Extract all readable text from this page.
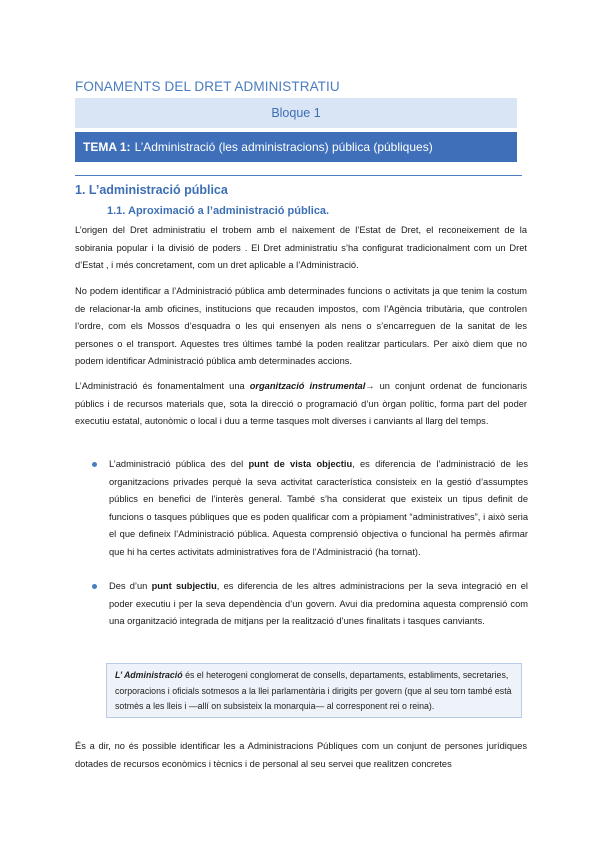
FONAMENTS DEL DRET ADMINISTRATIU
Bloque 1
TEMA 1: L’Administració (les administracions) pública (públiques)
1. L’administració pública
1.1. Aproximació a l’administració pública.

L’origen del Dret administratiu el trobem amb el naixement de l’Estat de Dret, el reconeixement de la sobirania popular i la divisió de poders . El Dret administratiu s’ha configurat tradicionalment com un Dret d’Estat , i més concretament, com un dret aplicable a l’Administració.

No podem identificar a l’Administració pública amb determinades funcions o activitats ja que tenim la costum de relacionar-la amb oficines, institucions que recauden impostos, com l’Agència tributària, que controlen l’ordre, com els Mossos d’esquadra o les qui ensenyen als nens o s’encarreguen de la sanitat de les persones o el transport. Aquestes tres últimes també la poden realitzar particulars. Per això diem que no podem identificar Administració pública amb determinades accions.

L’Administració és fonamentalment una organització instrumental→ un conjunt ordenat de funcionaris públics i de recursos materials que, sota la direcció o programació d’un òrgan polític, forma part del poder executiu estatal, autonòmic o local i duu a terme tasques molt diverses i canviants al llarg del temps.

L’administració pública des del punt de vista objectiu, es diferencia de l’administració de les organitzacions privades perquè la seva activitat característica consisteix en la gestió d’assumptes públics en benefici de l’interès general. També s’ha considerat que existeix un tipus definit de funcions o tasques públiques que es poden qualificar com a pròpiament “administratives”, i això seria el que defineix l’Administració pública. Aquesta comprensió objectiva o funcional ha permès afirmar que hi ha certes activitats administratives fora de l’Administració (ha tornat).

Des d’un punt subjectiu, es diferencia de les altres administracions per la seva integració en el poder executiu i per la seva dependència d’un govern. Avui dia predomina aquesta comprensió com una organització integrada de mitjans per la realització d’unes finalitats i tasques canviants.

L’ Administració és el heterogeni conglomerat de consells, departaments, establiments, secretaries, corporacions i oficials sotmesos a la llei parlamentària i dirigits per govern (que al seu torn també està sotmès a les lleis i —allí on subsisteix la monarquia— al corresponent rei o reina).

És a dir, no és possible identificar les a Administracions Públiques com un conjunt de persones jurídiques dotades de recursos econòmics i tècnics i de personal al seu servei que realitzen concretes
